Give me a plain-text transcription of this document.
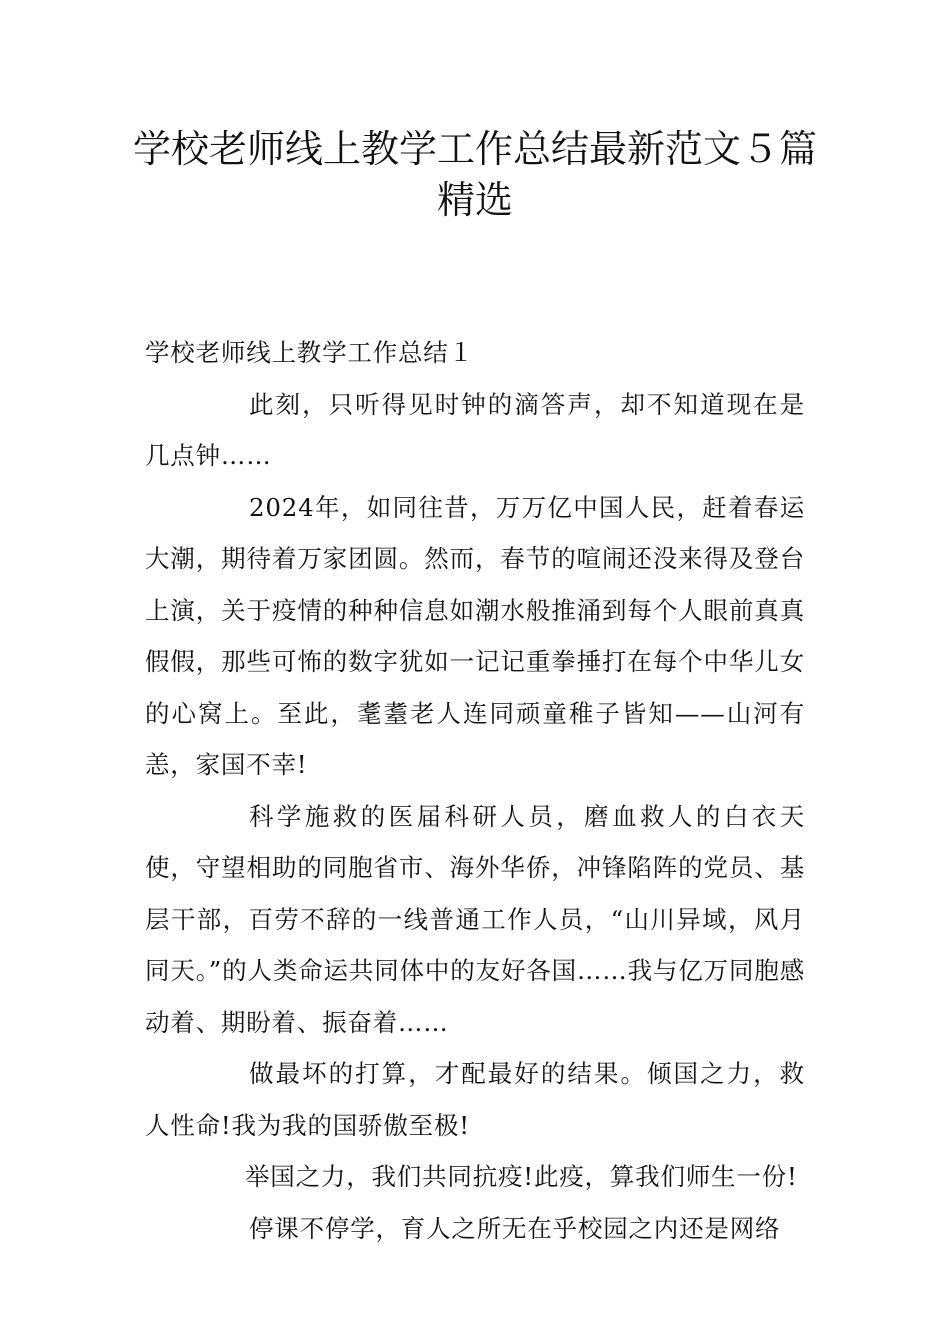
学校老师线上教学工作总结最新范文５篇精选

学校老师线上教学工作总结１

此刻，只听得见时钟的滴答声，却不知道现在是几点钟……

2024年，如同往昔，万万亿中国人民，赶着春运大潮，期待着万家团圆。然而，春节的喧闹还没来得及登台上演，关于疫情的种种信息如潮水般推涌到每个人眼前真真假假，那些可怖的数字犹如一记记重拳捶打在每个中华儿女的心窝上。至此，耄耋老人连同顽童稚子皆知——山河有恙，家国不幸!

科学施救的医届科研人员，磨血救人的白衣天使，守望相助的同胞省市、海外华侨，冲锋陷阵的党员、基层干部，百劳不辞的一线普通工作人员，“山川异域，风月同天。”的人类命运共同体中的友好各国……我与亿万同胞感动着、期盼着、振奋着……

做最坏的打算，才配最好的结果。倾国之力，救人性命!我为我的国骄傲至极!

举国之力，我们共同抗疫!此疫，算我们师生一份!

停课不停学，育人之所无在乎校园之内还是网络
